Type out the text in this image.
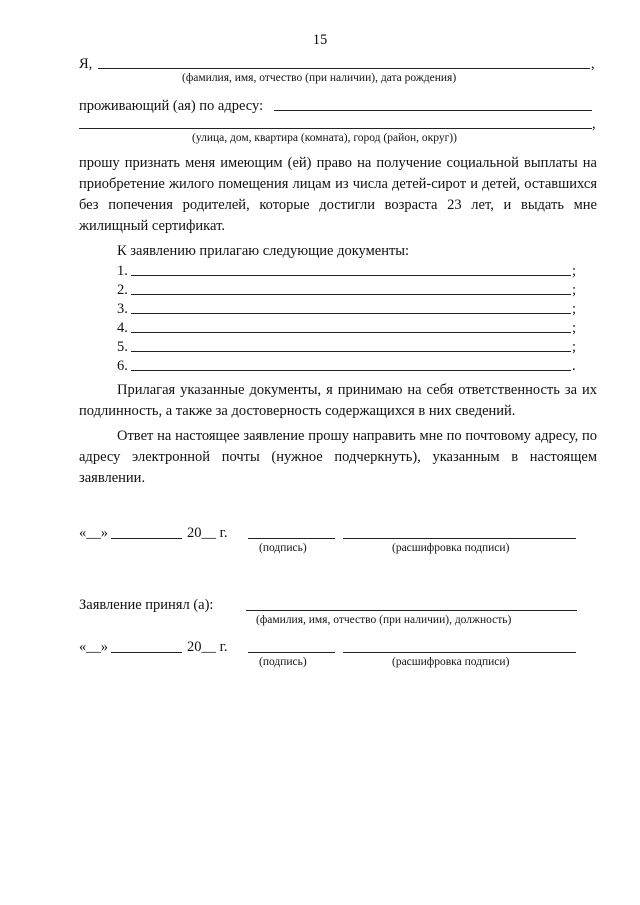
15
Я,	,
(фамилия, имя, отчество (при наличии), дата рождения)
проживающий (ая) по адресу:
,
(улица, дом, квартира (комната), город (район, округ))
прошу признать меня имеющим (ей) право на получение социальной выплаты на приобретение жилого помещения лицам из числа детей-сирот и детей, оставшихся без попечения родителей, которые достигли возраста 23 лет, и выдать мне жилищный сертификат.
К заявлению прилагаю следующие документы:
1.	;
2.	;
3.	;
4.	;
5.	;
6.	.
Прилагая указанные документы, я принимаю на себя ответственность за их подлинность, а также за достоверность содержащихся в них сведений.
Ответ на настоящее заявление прошу направить мне по почтовому адресу, по адресу электронной почты (нужное подчеркнуть), указанным в настоящем заявлении.
«__»	20__ г.
(подпись)	(расшифровка подписи)
Заявление принял (а):
(фамилия, имя, отчество (при наличии), должность)
«__»	20__ г.
(подпись)	(расшифровка подписи)
